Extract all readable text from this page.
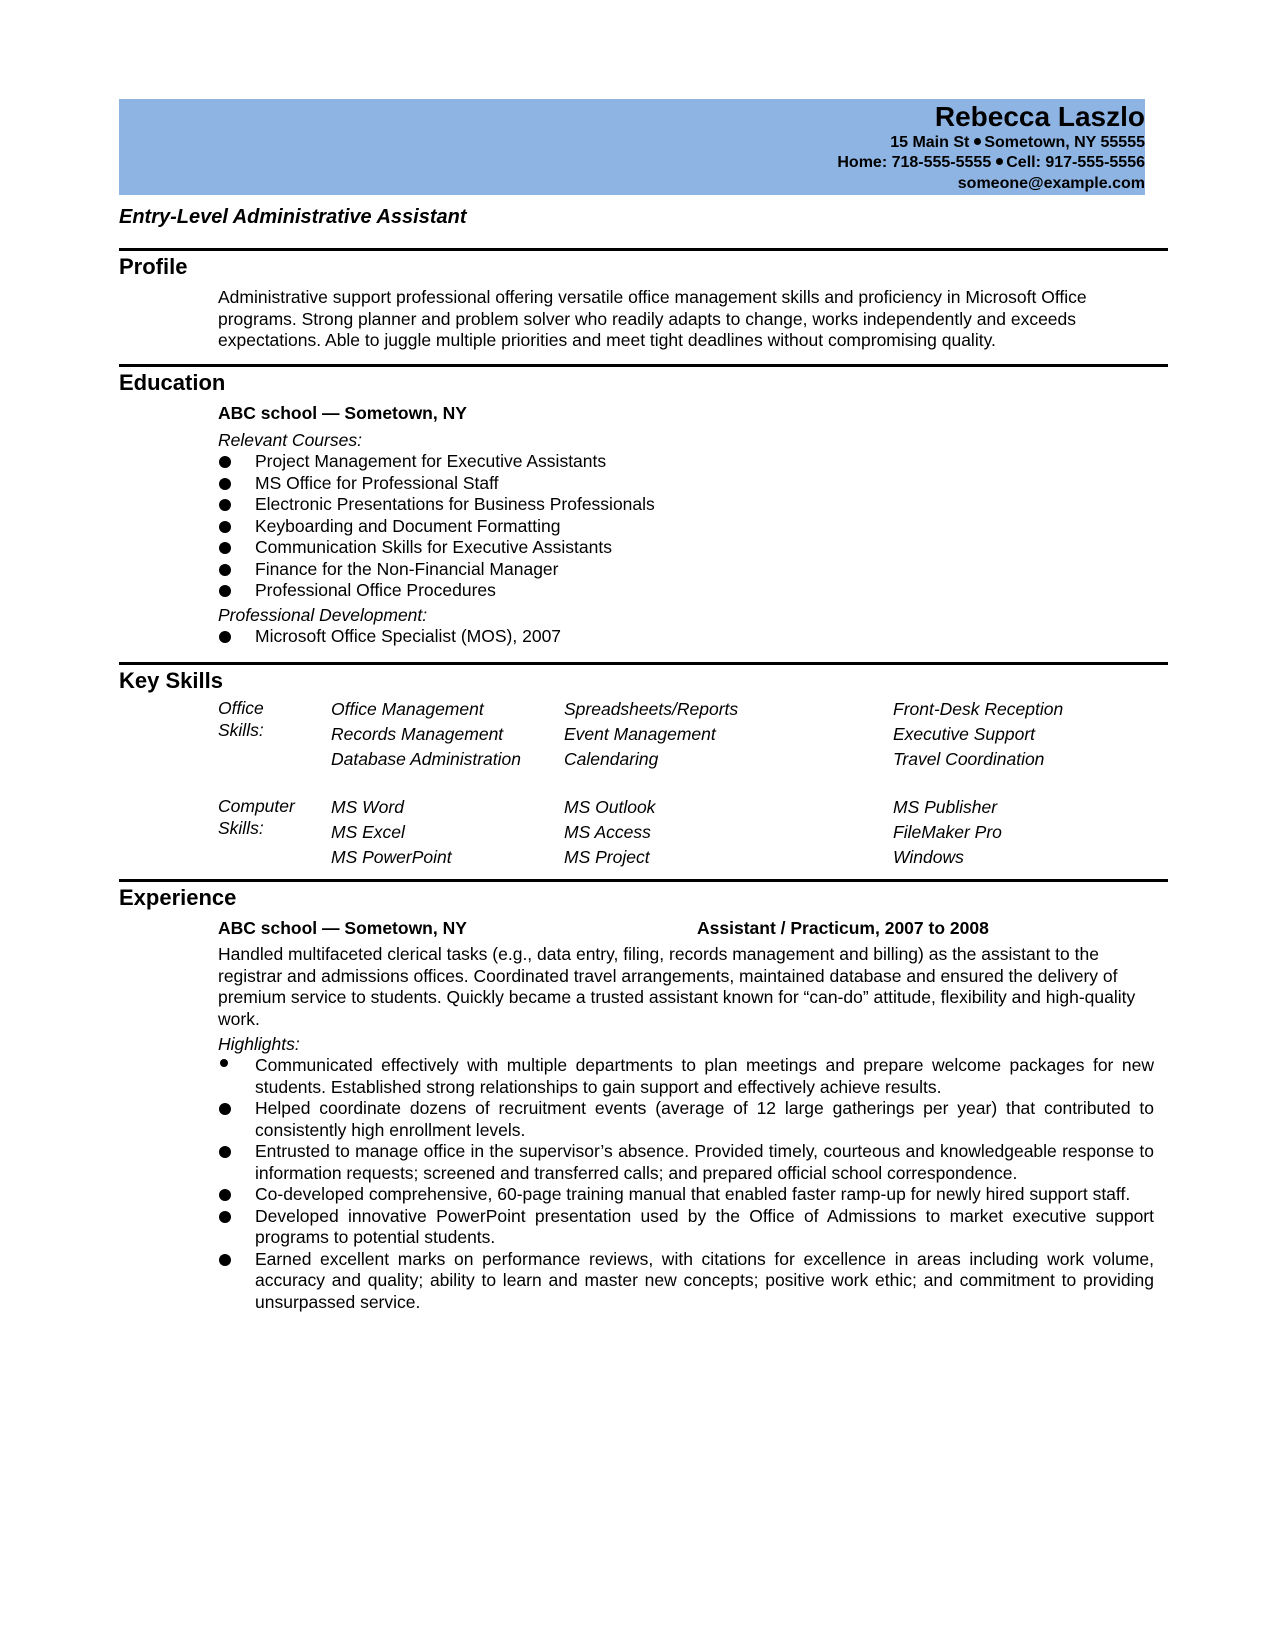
Rebecca Laszlo
15 Main St Sometown, NY 55555
Home: 718-555-5555 Cell: 917-555-5556
someone@example.com
Entry-Level Administrative Assistant
Profile
Administrative support professional offering versatile office management skills and proficiency in Microsoft Office programs. Strong planner and problem solver who readily adapts to change, works independently and exceeds expectations. Able to juggle multiple priorities and meet tight deadlines without compromising quality.
Education
ABC school — Sometown, NY
Relevant Courses:
Project Management for Executive Assistants
MS Office for Professional Staff
Electronic Presentations for Business Professionals
Keyboarding and Document Formatting
Communication Skills for Executive Assistants
Finance for the Non-Financial Manager
Professional Office Procedures
Professional Development:
Microsoft Office Specialist (MOS), 2007
Key Skills
Office Skills:
Office Management
Records Management
Database Administration
Spreadsheets/Reports
Event Management
Calendaring
Front-Desk Reception
Executive Support
Travel Coordination
Computer Skills:
MS Word
MS Excel
MS PowerPoint
MS Outlook
MS Access
MS Project
MS Publisher
FileMaker Pro
Windows
Experience
ABC school — Sometown, NY	Assistant / Practicum, 2007 to 2008
Handled multifaceted clerical tasks (e.g., data entry, filing, records management and billing) as the assistant to the registrar and admissions offices. Coordinated travel arrangements, maintained database and ensured the delivery of premium service to students. Quickly became a trusted assistant known for “can-do” attitude, flexibility and high-quality work.
Highlights:
Communicated effectively with multiple departments to plan meetings and prepare welcome packages for new students. Established strong relationships to gain support and effectively achieve results.
Helped coordinate dozens of recruitment events (average of 12 large gatherings per year) that contributed to consistently high enrollment levels.
Entrusted to manage office in the supervisor’s absence. Provided timely, courteous and knowledgeable response to information requests; screened and transferred calls; and prepared official school correspondence.
Co-developed comprehensive, 60-page training manual that enabled faster ramp-up for newly hired support staff.
Developed innovative PowerPoint presentation used by the Office of Admissions to market executive support programs to potential students.
Earned excellent marks on performance reviews, with citations for excellence in areas including work volume, accuracy and quality; ability to learn and master new concepts; positive work ethic; and commitment to providing unsurpassed service.
